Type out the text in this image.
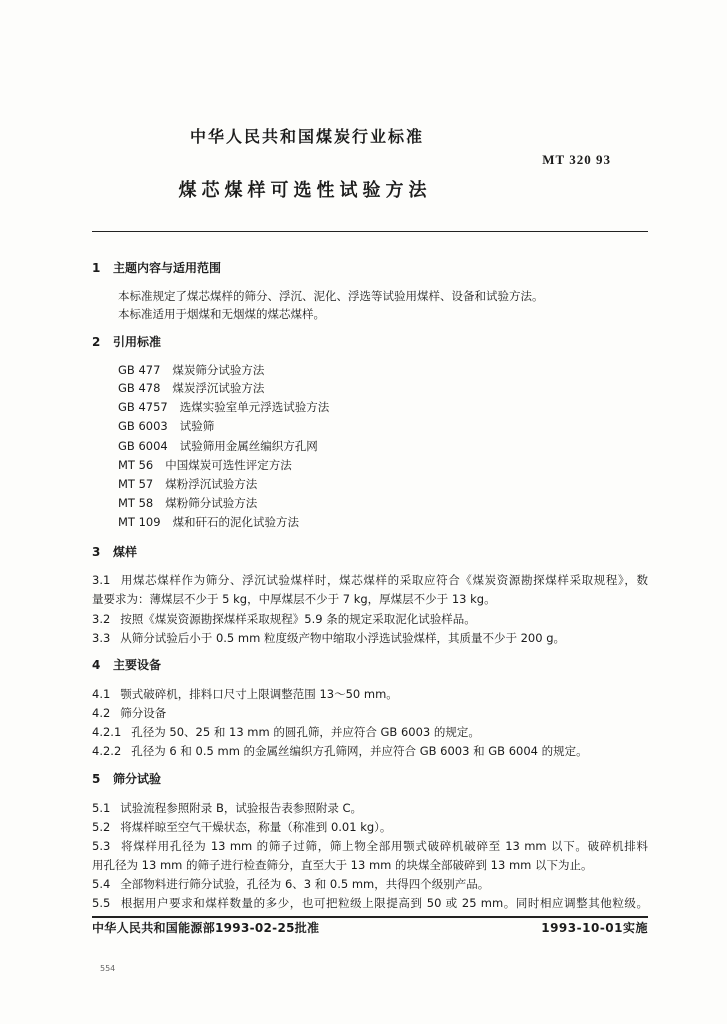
中华人民共和国煤炭行业标准
MT 320 93
煤芯煤样可选性试验方法
1 主题内容与适用范围
本标准规定了煤芯煤样的筛分、浮沉、泥化、浮选等试验用煤样、设备和试验方法。
本标准适用于烟煤和无烟煤的煤芯煤样。
2 引用标准
GB 477 煤炭筛分试验方法
GB 478 煤炭浮沉试验方法
GB 4757 选煤实验室单元浮选试验方法
GB 6003 试验筛
GB 6004 试验筛用金属丝编织方孔网
MT 56 中国煤炭可选性评定方法
MT 57 煤粉浮沉试验方法
MT 58 煤粉筛分试验方法
MT 109 煤和矸石的泥化试验方法
3 煤样
3.1 用煤芯煤样作为筛分、浮沉试验煤样时，煤芯煤样的采取应符合《煤炭资源勘探煤样采取规程》，数
量要求为：薄煤层不少于 5 kg，中厚煤层不少于 7 kg，厚煤层不少于 13 kg。
3.2 按照《煤炭资源勘探煤样采取规程》5.9 条的规定采取泥化试验样品。
3.3 从筛分试验后小于 0.5 mm 粒度级产物中缩取小浮选试验煤样，其质量不少于 200 g。
4 主要设备
4.1 颚式破碎机，排料口尺寸上限调整范围 13～50 mm。
4.2 筛分设备
4.2.1 孔径为 50、25 和 13 mm 的圆孔筛，并应符合 GB 6003 的规定。
4.2.2 孔径为 6 和 0.5 mm 的金属丝编织方孔筛网，并应符合 GB 6003 和 GB 6004 的规定。
5 筛分试验
5.1 试验流程参照附录 B，试验报告表参照附录 C。
5.2 将煤样晾至空气干燥状态，称量（称准到 0.01 kg）。
5.3 将煤样用孔径为 13 mm 的筛子过筛，筛上物全部用颚式破碎机破碎至 13 mm 以下。破碎机排料
用孔径为 13 mm 的筛子进行检查筛分，直至大于 13 mm 的块煤全部破碎到 13 mm 以下为止。
5.4 全部物料进行筛分试验，孔径为 6、3 和 0.5 mm，共得四个级别产品。
5.5 根据用户要求和煤样数量的多少，也可把粒级上限提高到 50 或 25 mm。同时相应调整其他粒级。
中华人民共和国能源部1993-02-25批准	1993-10-01实施
554
